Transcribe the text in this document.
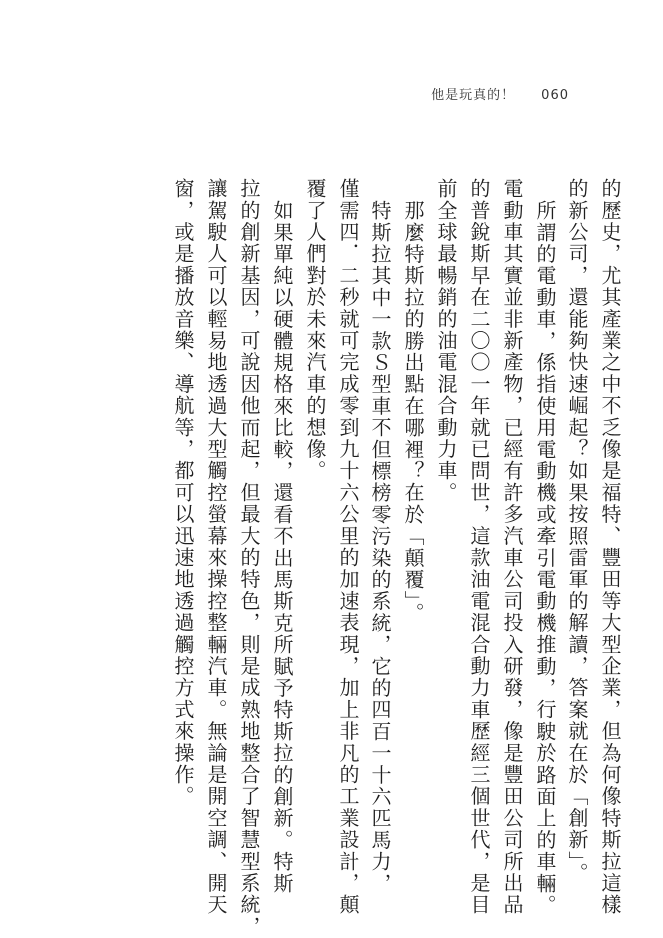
他是玩真的！ 060
的歷史，尤其產業之中不乏像是福特、豐田等大型企業，但為何像特斯拉這樣
的新公司，還能夠快速崛起？如果按照雷軍的解讀，答案就在於「創新」。
所謂的電動車，係指使用電動機或牽引電動機推動，行駛於路面上的車輛。
電動車其實並非新產物，已經有許多汽車公司投入研發，像是豐田公司所出品
的普銳斯早在二〇〇一年就已問世，這款油電混合動力車歷經三個世代，是目
前全球最暢銷的油電混合動力車。
那麼特斯拉的勝出點在哪裡？在於「顛覆」。
特斯拉其中一款Ｓ型車不但標榜零污染的系統，它的四百一十六匹馬力，
僅需四．二秒就可完成零到九十六公里的加速表現，加上非凡的工業設計，顛
覆了人們對於未來汽車的想像。
如果單純以硬體規格來比較，還看不出馬斯克所賦予特斯拉的創新。特斯
拉的創新基因，可說因他而起，但最大的特色，則是成熟地整合了智慧型系統，
讓駕駛人可以輕易地透過大型觸控螢幕來操控整輛汽車。無論是開空調、開天
窗，或是播放音樂、導航等，都可以迅速地透過觸控方式來操作。
